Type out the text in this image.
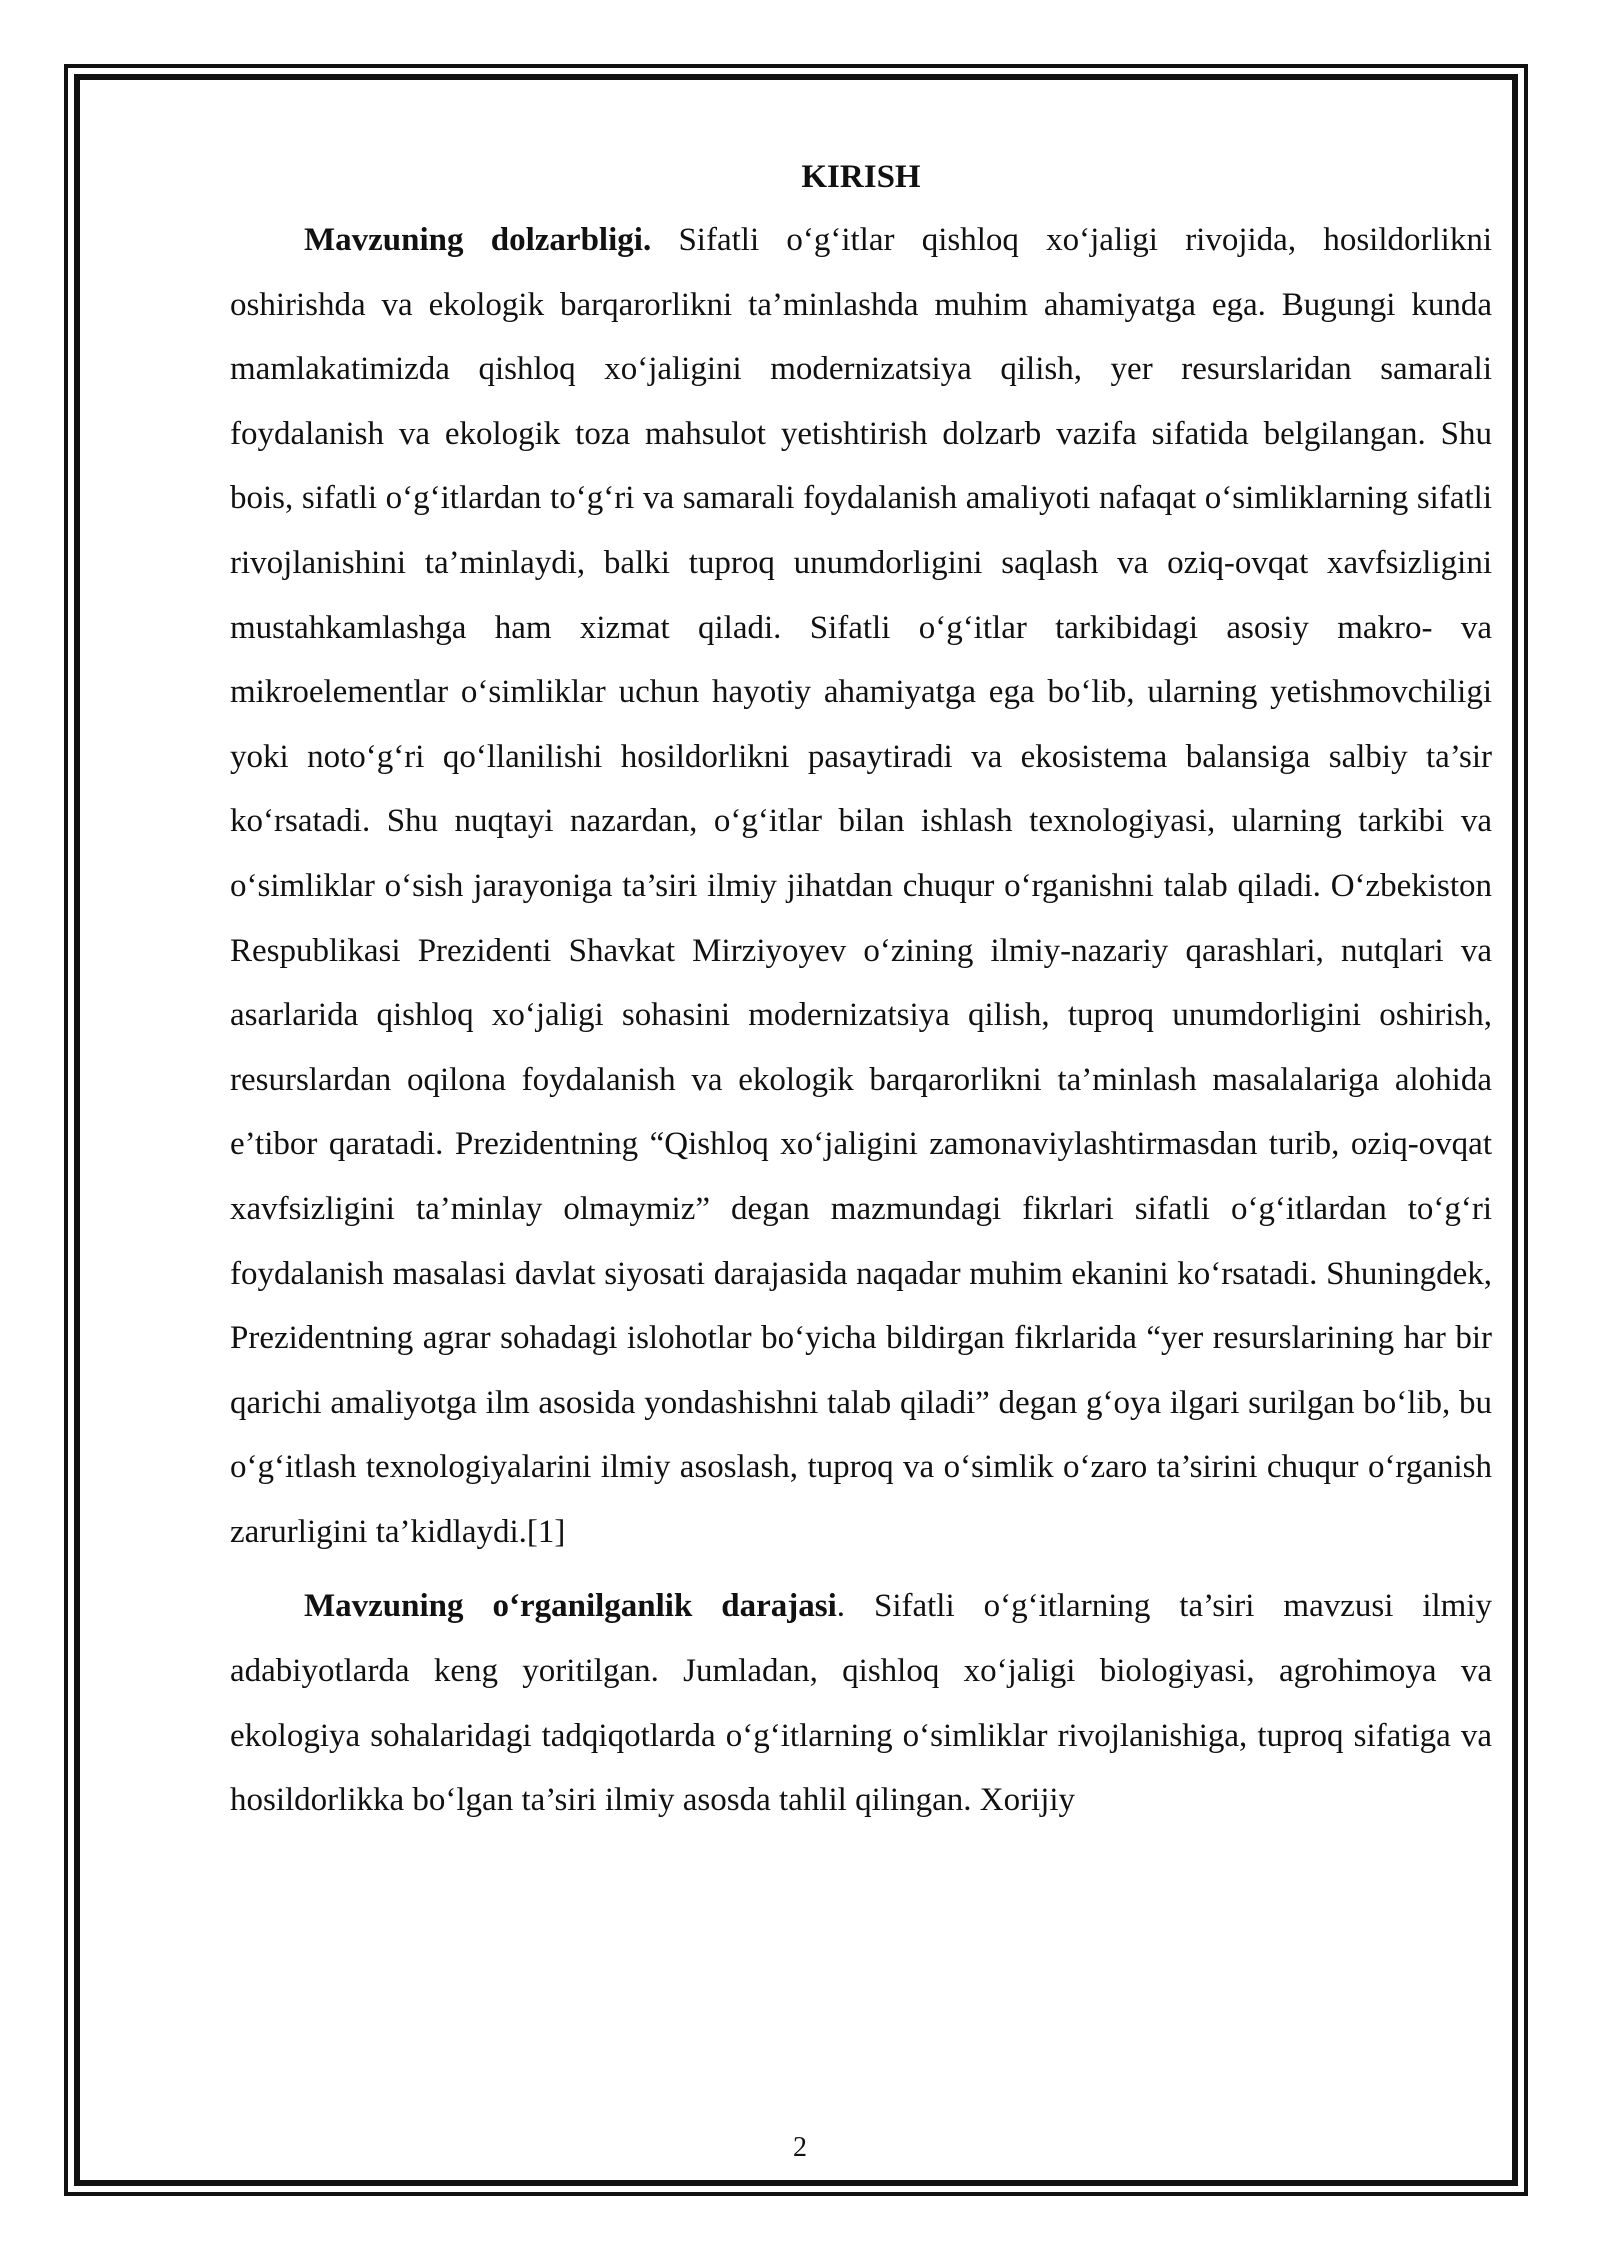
KIRISH

Mavzuning dolzarbligi. Sifatli o‘g‘itlar qishloq xo‘jaligi rivojida, hosildorlikni oshirishda va ekologik barqarorlikni ta’minlashda muhim ahamiyatga ega. Bugungi kunda mamlakatimizda qishloq xo‘jaligini modernizatsiya qilish, yer resurslaridan samarali foydalanish va ekologik toza mahsulot yetishtirish dolzarb vazifa sifatida belgilangan. Shu bois, sifatli o‘g‘itlardan to‘g‘ri va samarali foydalanish amaliyoti nafaqat o‘simliklarning sifatli rivojlanishini ta’minlaydi, balki tuproq unumdorligini saqlash va oziq-ovqat xavfsizligini mustahkamlashga ham xizmat qiladi. Sifatli o‘g‘itlar tarkibidagi asosiy makro- va mikroelementlar o‘simliklar uchun hayotiy ahamiyatga ega bo‘lib, ularning yetishmovchiligi yoki noto‘g‘ri qo‘llanilishi hosildorlikni pasaytiradi va ekosistema balansiga salbiy ta’sir ko‘rsatadi. Shu nuqtayi nazardan, o‘g‘itlar bilan ishlash texnologiyasi, ularning tarkibi va o‘simliklar o‘sish jarayoniga ta’siri ilmiy jihatdan chuqur o‘rganishni talab qiladi. O‘zbekiston Respublikasi Prezidenti Shavkat Mirziyoyev o‘zining ilmiy-nazariy qarashlari, nutqlari va asarlarida qishloq xo‘jaligi sohasini modernizatsiya qilish, tuproq unumdorligini oshirish, resurslardan oqilona foydalanish va ekologik barqarorlikni ta’minlash masalalariga alohida e’tibor qaratadi. Prezidentning “Qishloq xo‘jaligini zamonaviylashtirmasdan turib, oziq-ovqat xavfsizligini ta’minlay olmaymiz” degan mazmundagi fikrlari sifatli o‘g‘itlardan to‘g‘ri foydalanish masalasi davlat siyosati darajasida naqadar muhim ekanini ko‘rsatadi. Shuningdek, Prezidentning agrar sohadagi islohotlar bo‘yicha bildirgan fikrlarida “yer resurslarining har bir qarichi amaliyotga ilm asosida yondashishni talab qiladi” degan g‘oya ilgari surilgan bo‘lib, bu o‘g‘itlash texnologiyalarini ilmiy asoslash, tuproq va o‘simlik o‘zaro ta’sirini chuqur o‘rganish zarurligini ta’kidlaydi.[1]

Mavzuning o‘rganilganlik darajasi. Sifatli o‘g‘itlarning ta’siri mavzusi ilmiy adabiyotlarda keng yoritilgan. Jumladan, qishloq xo‘jaligi biologiyasi, agrohimoya va ekologiya sohalaridagi tadqiqotlarda o‘g‘itlarning o‘simliklar rivojlanishiga, tuproq sifatiga va hosildorlikka bo‘lgan ta’siri ilmiy asosda tahlil qilingan. Xorijiy

2
